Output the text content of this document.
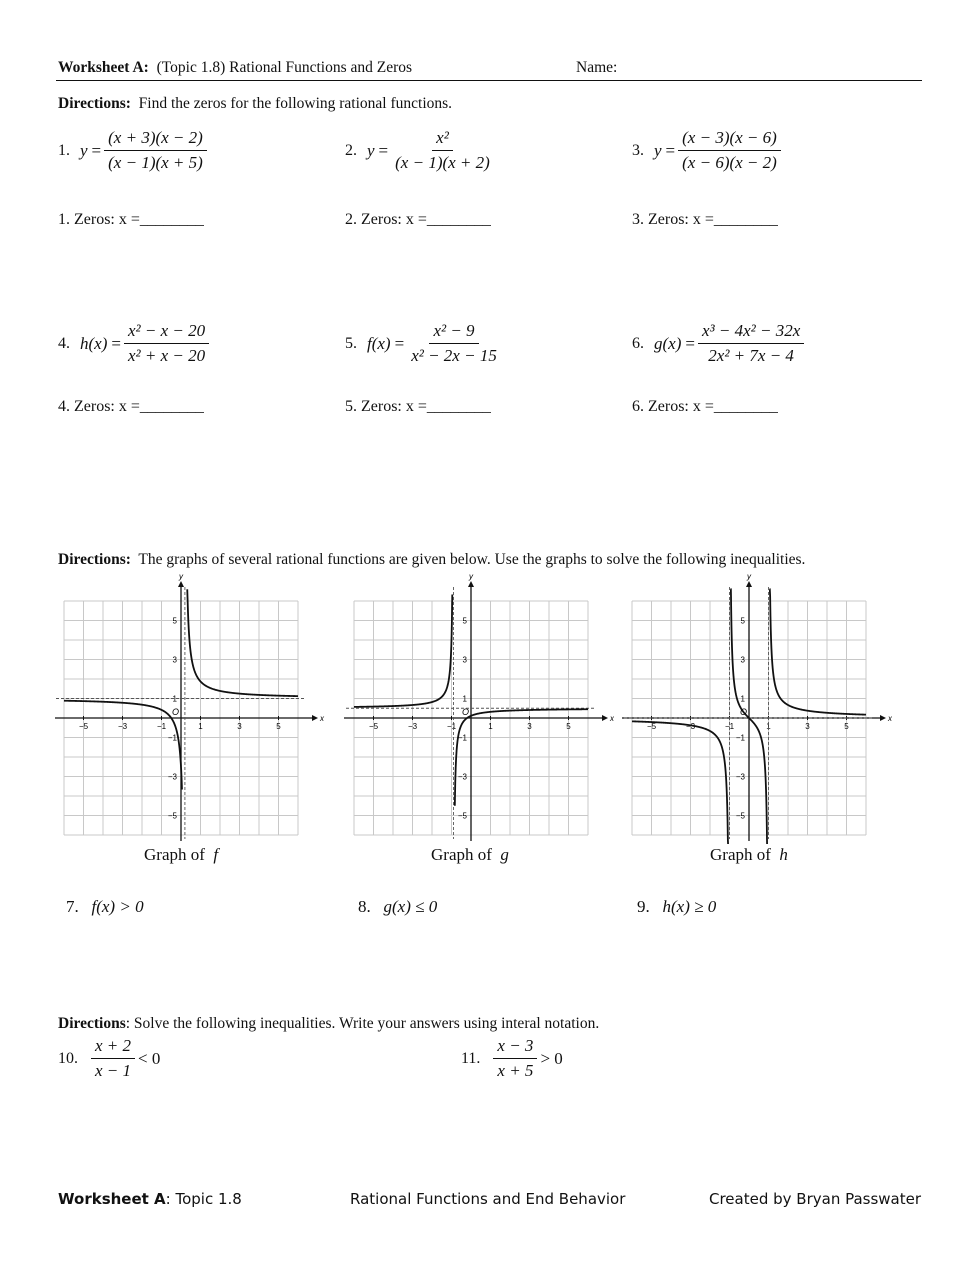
Worksheet A: (Topic 1.8) Rational Functions and Zeros	Name:
Directions: Find the zeros for the following rational functions.
1. $y = \frac{(x + 3)(x - 2)}{(x - 1)(x + 5)}$	2. $y = \frac{\text{x²}}{(x - 1)(x + 2)}$	3. $y = \frac{(x - 3)(x - 6)}{(x - 6)(x - 2)}$
1. Zeros: x =________	2. Zeros: x =________	3. Zeros: x =________
4. $h(x) = \frac{\text{x² − x − 20}}{\text{x² + x − 20}}$	5. $f(x) = \frac{\text{x² − 9}}{\text{x² − 2x − 15}}$	6. $g(x) = \frac{\text{x³ − 4x² − 32x}}{\text{2x² + 7x − 4}}$
4. Zeros: x =________	5. Zeros: x =________	6. Zeros: x =________
Directions: The graphs of several rational functions are given below. Use the graphs to solve the following inequalities.
x
y
O
−5	−3	−1	1	3	5
1
3
5
−1
−3
−5
x
y
O
−5	−3	−1	1	3	5
1
3
5
−1
−3
−5
x
y
O
−5	−3	−1	1	3	5
1
3
5
−1
−3
−5
Graph of f	Graph of g	Graph of h
7. f(x) > 0	8. g(x) ≤ 0	9. h(x) ≥ 0
Directions: Solve the following inequalities. Write your answers using interal notation.
10. $\frac{x + 2}{x - 1} < 0$	11. $\frac{x - 3}{x + 5} > 0$
Worksheet A: Topic 1.8	Rational Functions and End Behavior	Created by Bryan Passwater
